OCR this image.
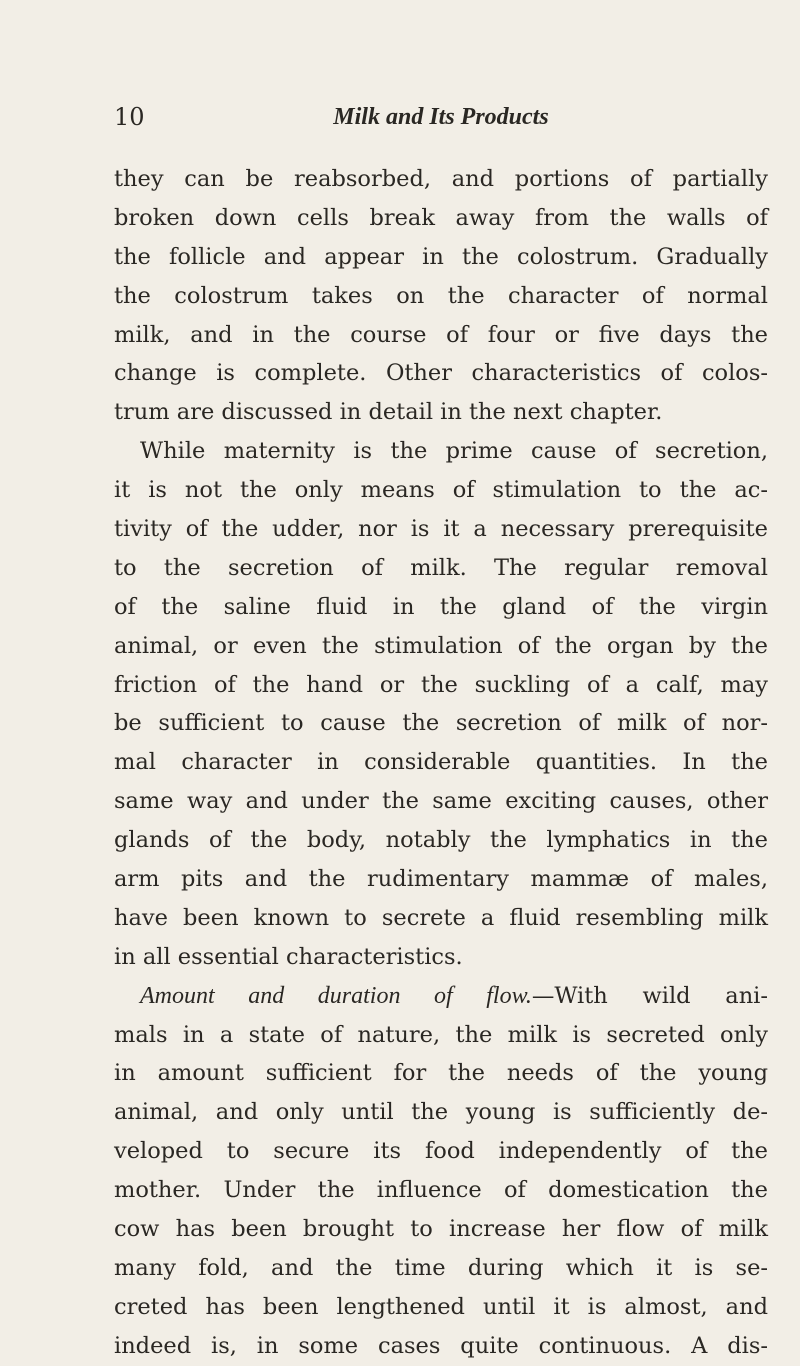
10	Milk and Its Products
they can be reabsorbed, and portions of partially
broken down cells break away from the walls of
the follicle and appear in the colostrum. Gradually
the colostrum takes on the character of normal
milk, and in the course of four or five days the
change is complete. Other characteristics of colos-
trum are discussed in detail in the next chapter.
While maternity is the prime cause of secretion,
it is not the only means of stimulation to the ac-
tivity of the udder, nor is it a necessary prerequisite
to the secretion of milk. The regular removal
of the saline fluid in the gland of the virgin
animal, or even the stimulation of the organ by the
friction of the hand or the suckling of a calf, may
be sufficient to cause the secretion of milk of nor-
mal character in considerable quantities. In the
same way and under the same exciting causes, other
glands of the body, notably the lymphatics in the
arm pits and the rudimentary mammæ of males,
have been known to secrete a fluid resembling milk
in all essential characteristics.
Amount and duration of flow.—With wild ani-
mals in a state of nature, the milk is secreted only
in amount sufficient for the needs of the young
animal, and only until the young is sufficiently de-
veloped to secure its food independently of the
mother. Under the influence of domestication the
cow has been brought to increase her flow of milk
many fold, and the time during which it is se-
creted has been lengthened until it is almost, and
indeed is, in some cases quite continuous. A dis-
